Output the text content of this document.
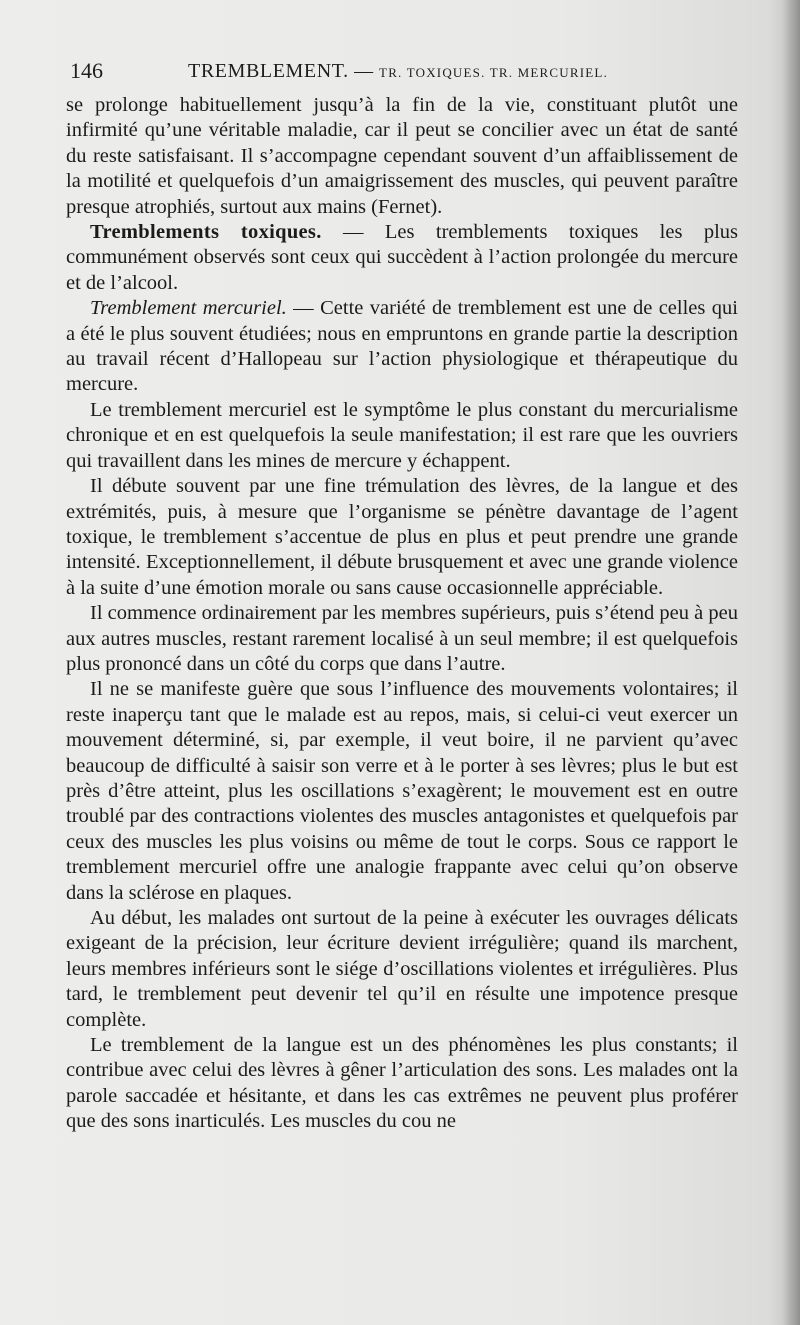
146	TREMBLEMENT. — TR. TOXIQUES. TR. MERCURIEL.

se prolonge habituellement jusqu’à la fin de la vie, constituant plutôt une infirmité qu’une véritable maladie, car il peut se concilier avec un état de santé du reste satisfaisant. Il s’accompagne cependant souvent d’un affaiblissement de la motilité et quelquefois d’un amaigrissement des muscles, qui peuvent paraître presque atrophiés, surtout aux mains (Fernet).

Tremblements toxiques. — Les tremblements toxiques les plus communément observés sont ceux qui succèdent à l’action prolongée du mercure et de l’alcool.

Tremblement mercuriel. — Cette variété de tremblement est une de celles qui a été le plus souvent étudiées; nous en empruntons en grande partie la description au travail récent d’Hallopeau sur l’action physiologique et thérapeutique du mercure.

Le tremblement mercuriel est le symptôme le plus constant du mercurialisme chronique et en est quelquefois la seule manifestation; il est rare que les ouvriers qui travaillent dans les mines de mercure y échappent.

Il débute souvent par une fine trémulation des lèvres, de la langue et des extrémités, puis, à mesure que l’organisme se pénètre davantage de l’agent toxique, le tremblement s’accentue de plus en plus et peut prendre une grande intensité. Exceptionnellement, il débute brusquement et avec une grande violence à la suite d’une émotion morale ou sans cause occasionnelle appréciable.

Il commence ordinairement par les membres supérieurs, puis s’étend peu à peu aux autres muscles, restant rarement localisé à un seul membre; il est quelquefois plus prononcé dans un côté du corps que dans l’autre.

Il ne se manifeste guère que sous l’influence des mouvements volontaires; il reste inaperçu tant que le malade est au repos, mais, si celui-ci veut exercer un mouvement déterminé, si, par exemple, il veut boire, il ne parvient qu’avec beaucoup de difficulté à saisir son verre et à le porter à ses lèvres; plus le but est près d’être atteint, plus les oscillations s’exagèrent; le mouvement est en outre troublé par des contractions violentes des muscles antagonistes et quelquefois par ceux des muscles les plus voisins ou même de tout le corps. Sous ce rapport le tremblement mercuriel offre une analogie frappante avec celui qu’on observe dans la sclérose en plaques.

Au début, les malades ont surtout de la peine à exécuter les ouvrages délicats exigeant de la précision, leur écriture devient irrégulière; quand ils marchent, leurs membres inférieurs sont le siége d’oscillations violentes et irrégulières. Plus tard, le tremblement peut devenir tel qu’il en résulte une impotence presque complète.

Le tremblement de la langue est un des phénomènes les plus constants; il contribue avec celui des lèvres à gêner l’articulation des sons. Les malades ont la parole saccadée et hésitante, et dans les cas extrêmes ne peuvent plus proférer que des sons inarticulés. Les muscles du cou ne
